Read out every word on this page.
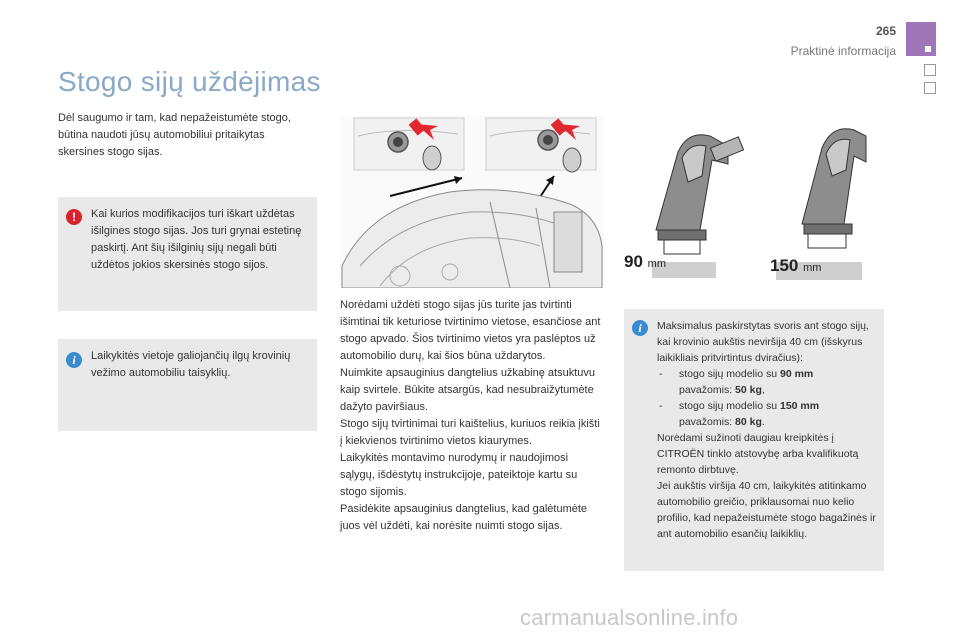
265
Praktinė informacija
Stogo sijų uždėjimas
Dėl saugumo ir tam, kad nepažeistumėte stogo, būtina naudoti jūsų automobiliui pritaikytas skersines stogo sijas.
!	Kai kurios modifikacijos turi iškart uždėtas išilgines stogo sijas. Jos turi grynai estetinę paskirtį. Ant šių išilginių sijų negali būti uždėtos jokios skersinės stogo sijos.
i	Laikykitės vietoje galiojančių ilgų krovinių vežimo automobiliu taisyklių.
90 mm	150 mm

Norėdami uždėti stogo sijas jūs turite jas tvirtinti išimtinai tik keturiose tvirtinimo vietose, esančiose ant stogo apvado. Šios tvirtinimo vietos yra paslėptos už automobilio durų, kai šios būna uždarytos.

Nuimkite apsauginius dangtelius užkabinę atsuktuvu kaip svirtele. Būkite atsargūs, kad nesubraižytumėte dažyto paviršiaus.

Stogo sijų tvirtinimai turi kaištelius, kuriuos reikia įkišti į kiekvienos tvirtinimo vietos kiaurymes.

Laikykitės montavimo nurodymų ir naudojimosi sąlygų, išdėstytų instrukcijoje, pateiktoje kartu su stogo sijomis.

Pasidėkite apsauginius dangtelius, kad galėtumėte juos vėl uždėti, kai norėsite nuimti stogo sijas.

i	Maksimalus paskirstytas svoris ant stogo sijų, kai krovinio aukštis neviršija 40 cm (išskyrus laikikliais pritvirtintus dviračius):
- stogo sijų modelio su 90 mm
pavažomis: 50 kg,
- stogo sijų modelio su 150 mm
pavažomis: 80 kg.
Norėdami sužinoti daugiau kreipkitės į CITROËN tinklo atstovybę arba kvalifikuotą remonto dirbtuvę.
Jei aukštis viršija 40 cm, laikykitės atitinkamo automobilio greičio, priklausomai nuo kelio profilio, kad nepažeistumėte stogo bagažinės ir ant automobilio esančių laikiklių.
carmanualsonline.info
